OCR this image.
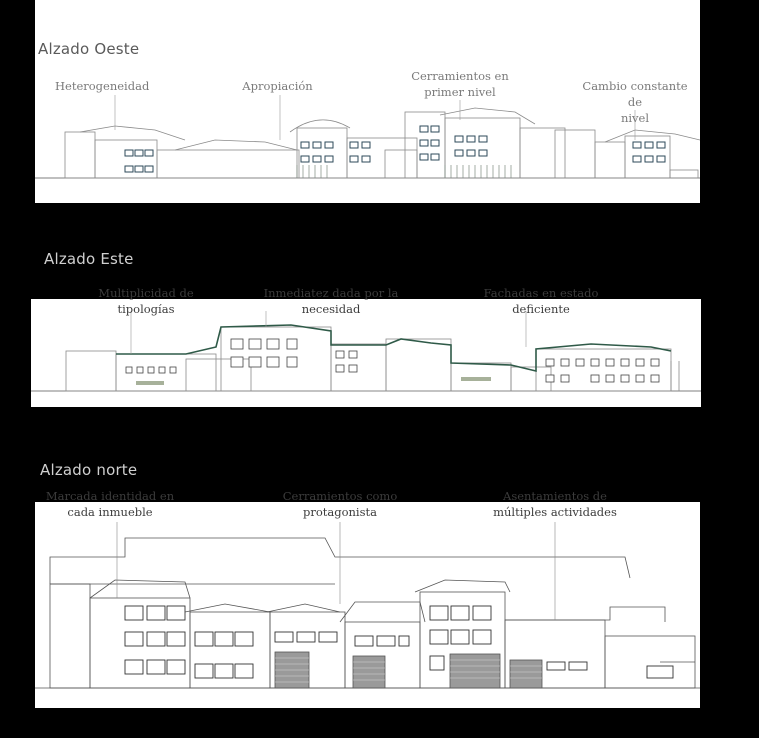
Alzado Oeste
Heterogeneidad	Apropiación
Cerramientos en
primer nivel	Cambio constante de
nivel
Alzado Este
Multiplicidad de
tipologías
Inmediatez dada por la
necesidad
Fachadas en estado
deficiente
Alzado norte
Marcada identidad en
cada inmueble
Cerramientos como
protagonista
Asentamientos de
múltiples actividades
